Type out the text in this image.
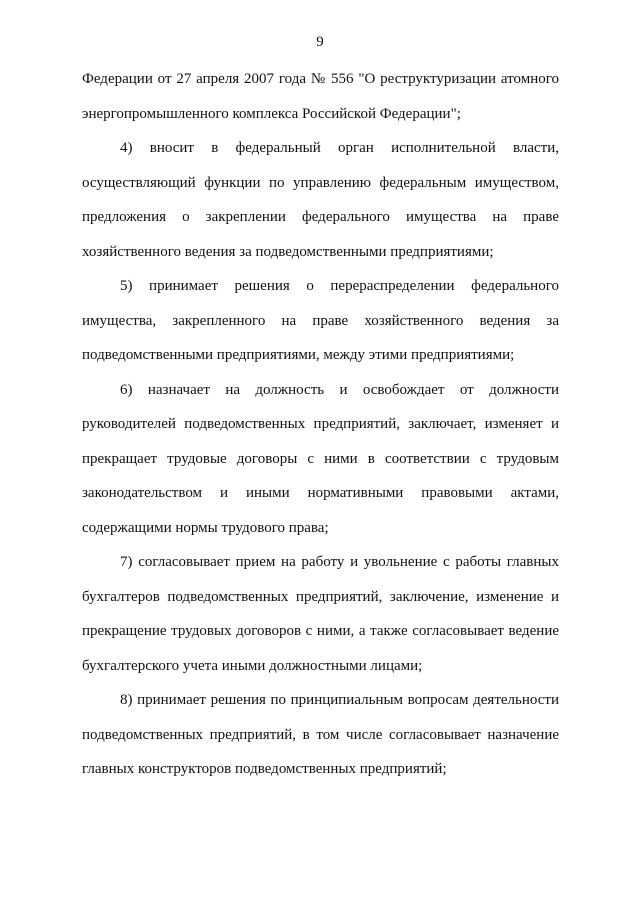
9

Федерации от 27 апреля 2007 года № 556 "О реструктуризации атомного энергопромышленного комплекса Российской Федерации";

4) вносит в федеральный орган исполнительной власти, осуществляющий функции по управлению федеральным имуществом, предложения о закреплении федерального имущества на праве хозяйственного ведения за подведомственными предприятиями;

5) принимает решения о перераспределении федерального имущества, закрепленного на праве хозяйственного ведения за подведомственными предприятиями, между этими предприятиями;

6) назначает на должность и освобождает от должности руководителей подведомственных предприятий, заключает, изменяет и прекращает трудовые договоры с ними в соответствии с трудовым законодательством и иными нормативными правовыми актами, содержащими нормы трудового права;

7) согласовывает прием на работу и увольнение с работы главных бухгалтеров подведомственных предприятий, заключение, изменение и прекращение трудовых договоров с ними, а также согласовывает ведение бухгалтерского учета иными должностными лицами;

8) принимает решения по принципиальным вопросам деятельности подведомственных предприятий, в том числе согласовывает назначение главных конструкторов подведомственных предприятий;
